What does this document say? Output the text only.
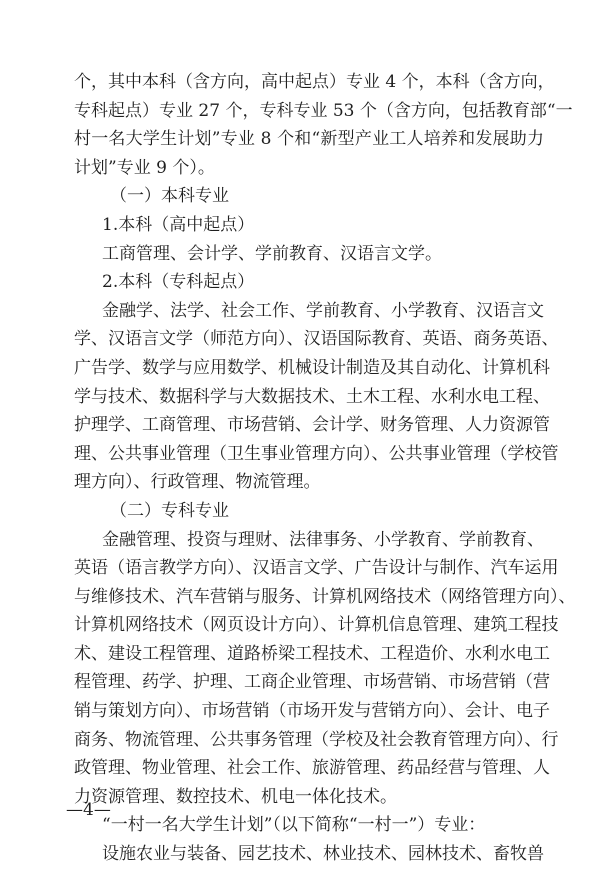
个，其中本科（含方向，高中起点）专业 4 个，本科（含方向，
专科起点）专业 27 个，专科专业 53 个（含方向，包括教育部“一
村一名大学生计划”专业 8 个和“新型产业工人培养和发展助力
计划”专业 9 个）。
（一）本科专业
1.本科（高中起点）
工商管理、会计学、学前教育、汉语言文学。
2.本科（专科起点）
金融学、法学、社会工作、学前教育、小学教育、汉语言文
学、汉语言文学（师范方向）、汉语国际教育、英语、商务英语、
广告学、数学与应用数学、机械设计制造及其自动化、计算机科
学与技术、数据科学与大数据技术、土木工程、水利水电工程、
护理学、工商管理、市场营销、会计学、财务管理、人力资源管
理、公共事业管理（卫生事业管理方向）、公共事业管理（学校管
理方向）、行政管理、物流管理。
（二）专科专业
金融管理、投资与理财、法律事务、小学教育、学前教育、
英语（语言教学方向）、汉语言文学、广告设计与制作、汽车运用
与维修技术、汽车营销与服务、计算机网络技术（网络管理方向）、
计算机网络技术（网页设计方向）、计算机信息管理、建筑工程技
术、建设工程管理、道路桥梁工程技术、工程造价、水利水电工
程管理、药学、护理、工商企业管理、市场营销、市场营销（营
销与策划方向）、市场营销（市场开发与营销方向）、会计、电子
商务、物流管理、公共事务管理（学校及社会教育管理方向）、行
政管理、物业管理、社会工作、旅游管理、药品经营与管理、人
力资源管理、数控技术、机电一体化技术。
“一村一名大学生计划”（以下简称“一村一”）专业：
设施农业与装备、园艺技术、林业技术、园林技术、畜牧兽
—4—
